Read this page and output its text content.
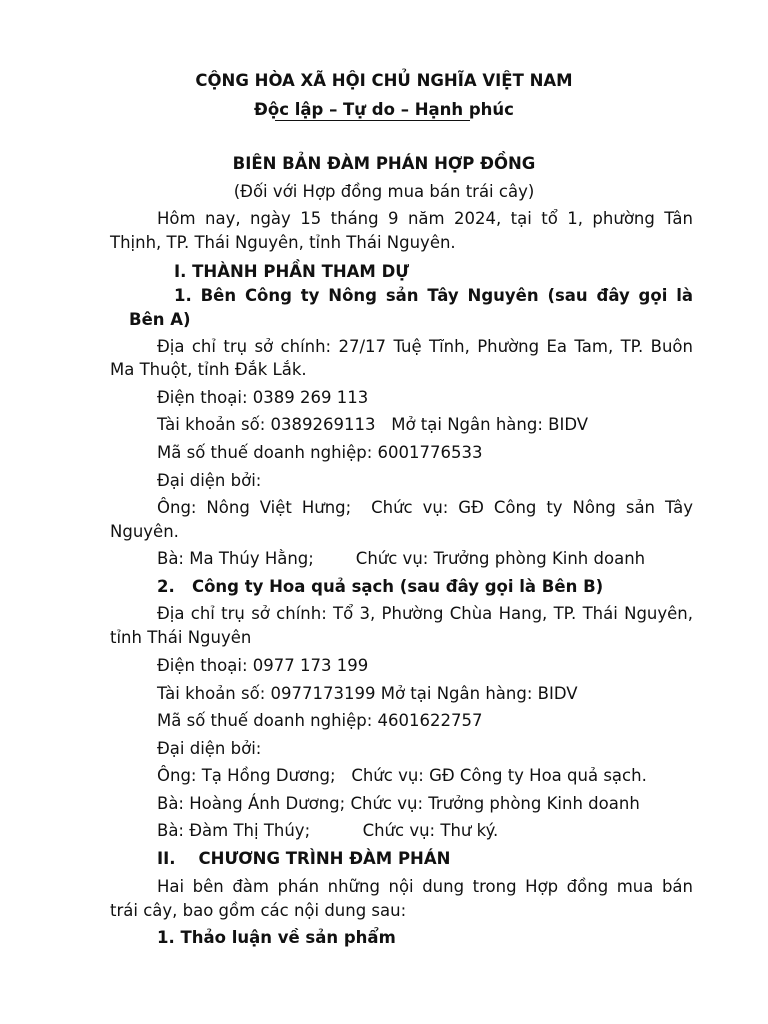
CỘNG HÒA XÃ HỘI CHỦ NGHĨA VIỆT NAM
Độc lập – Tự do – Hạnh phúc
BIÊN BẢN ĐÀM PHÁN HỢP ĐỒNG
(Đối với Hợp đồng mua bán trái cây)
Hôm nay, ngày 15 tháng 9 năm 2024, tại tổ 1, phường Tân
Thịnh, TP. Thái Nguyên, tỉnh Thái Nguyên.
I. THÀNH PHẦN THAM DỰ
1. Bên Công ty Nông sản Tây Nguyên (sau đây gọi là
Bên A)
Địa chỉ trụ sở chính: 27/17 Tuệ Tĩnh, Phường Ea Tam, TP. Buôn
Ma Thuột, tỉnh Đắk Lắk.
Điện thoại: 0389 269 113
Tài khoản số: 0389269113   Mở tại Ngân hàng: BIDV
Mã số thuế doanh nghiệp: 6001776533
Đại diện bởi:
Ông: Nông Việt Hưng;  Chức vụ: GĐ Công ty Nông sản Tây
Nguyên.
Bà: Ma Thúy Hằng;        Chức vụ: Trưởng phòng Kinh doanh
2.   Công ty Hoa quả sạch (sau đây gọi là Bên B)
Địa chỉ trụ sở chính: Tổ 3, Phường Chùa Hang, TP. Thái Nguyên,
tỉnh Thái Nguyên
Điện thoại: 0977 173 199
Tài khoản số: 0977173199 Mở tại Ngân hàng: BIDV
Mã số thuế doanh nghiệp: 4601622757
Đại diện bởi:
Ông: Tạ Hồng Dương;   Chức vụ: GĐ Công ty Hoa quả sạch.
Bà: Hoàng Ánh Dương; Chức vụ: Trưởng phòng Kinh doanh
Bà: Đàm Thị Thúy;          Chức vụ: Thư ký.
II.    CHƯƠNG TRÌNH ĐÀM PHÁN
Hai bên đàm phán những nội dung trong Hợp đồng mua bán
trái cây, bao gồm các nội dung sau:
1. Thảo luận về sản phẩm
